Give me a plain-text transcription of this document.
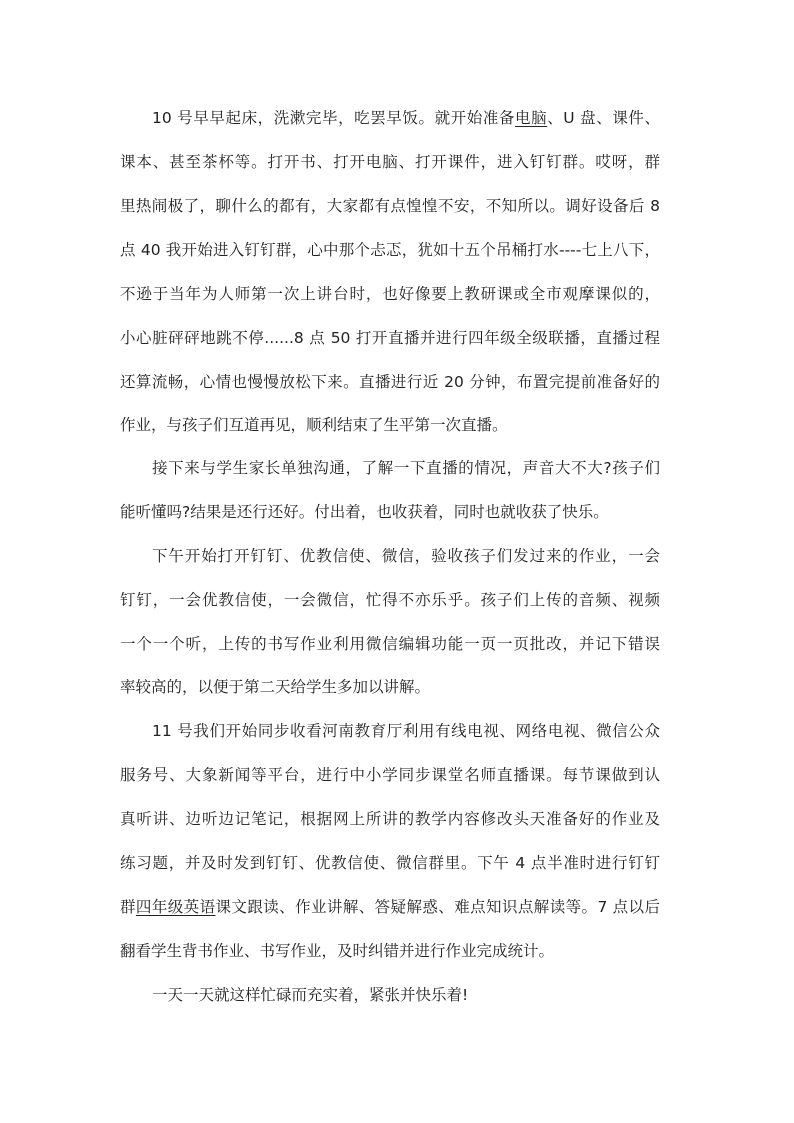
10 号早早起床，洗漱完毕，吃罢早饭。就开始准备电脑、U 盘、课件、
课本、甚至茶杯等。打开书、打开电脑、打开课件，进入钉钉群。哎呀，群
里热闹极了，聊什么的都有，大家都有点惶惶不安，不知所以。调好设备后 8
点 40 我开始进入钉钉群，心中那个忐忑，犹如十五个吊桶打水----七上八下，
不逊于当年为人师第一次上讲台时，也好像要上教研课或全市观摩课似的，
小心脏砰砰地跳不停......8 点 50 打开直播并进行四年级全级联播，直播过程
还算流畅，心情也慢慢放松下来。直播进行近 20 分钟，布置完提前准备好的
作业，与孩子们互道再见，顺利结束了生平第一次直播。
接下来与学生家长单独沟通，了解一下直播的情况，声音大不大?孩子们
能听懂吗?结果是还行还好。付出着，也收获着，同时也就收获了快乐。
下午开始打开钉钉、优教信使、微信，验收孩子们发过来的作业，一会
钉钉，一会优教信使，一会微信，忙得不亦乐乎。孩子们上传的音频、视频
一个一个听，上传的书写作业利用微信编辑功能一页一页批改，并记下错误
率较高的，以便于第二天给学生多加以讲解。
11 号我们开始同步收看河南教育厅利用有线电视、网络电视、微信公众
服务号、大象新闻等平台，进行中小学同步课堂名师直播课。每节课做到认
真听讲、边听边记笔记，根据网上所讲的教学内容修改头天准备好的作业及
练习题，并及时发到钉钉、优教信使、微信群里。下午 4 点半准时进行钉钉
群四年级英语课文跟读、作业讲解、答疑解惑、难点知识点解读等。7 点以后
翻看学生背书作业、书写作业，及时纠错并进行作业完成统计。
一天一天就这样忙碌而充实着，紧张并快乐着!
